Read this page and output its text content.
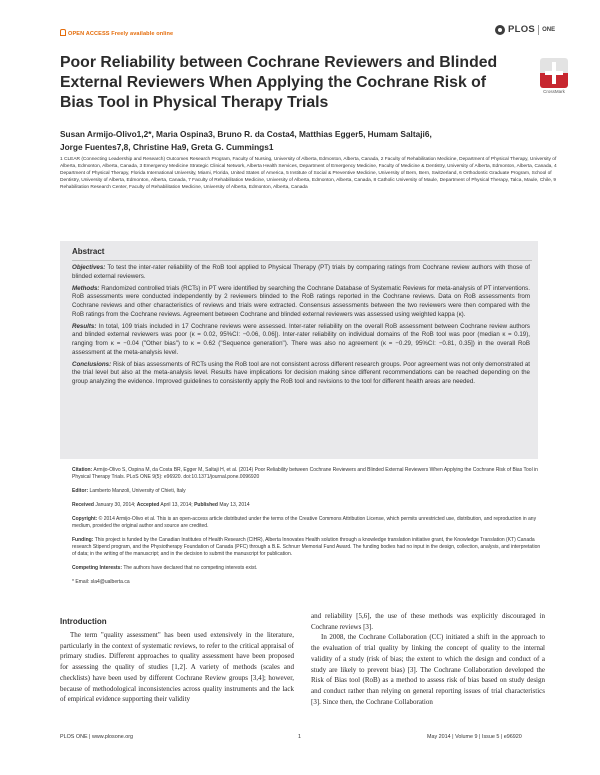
OPEN ACCESS Freely available online	PLOS ONE
Poor Reliability between Cochrane Reviewers and Blinded External Reviewers When Applying the Cochrane Risk of Bias Tool in Physical Therapy Trials
CrossMark
Susan Armijo-Olivo1,2*, Maria Ospina3, Bruno R. da Costa4, Matthias Egger5, Humam Saltaji6,
Jorge Fuentes7,8, Christine Ha9, Greta G. Cummings1
1 CLEAR (Connecting Leadership and Research) Outcomes Research Program, Faculty of Nursing, University of Alberta, Edmonton, Alberta, Canada, 2 Faculty of Rehabilitation Medicine, Department of Physical Therapy, University of Alberta, Edmonton, Alberta, Canada, 3 Emergency Medicine Strategic Clinical Network, Alberta Health Services, Department of Emergency Medicine, Faculty of Medicine & Dentistry, University of Alberta, Edmonton, Alberta, Canada, 4 Department of Physical Therapy, Florida International University, Miami, Florida, United States of America, 5 Institute of Social & Preventive Medicine, University of Bern, Bern, Switzerland, 6 Orthodontic Graduate Program, School of Dentistry, University of Alberta, Edmonton, Alberta, Canada, 7 Faculty of Rehabilitation Medicine, University of Alberta, Edmonton, Alberta, Canada, 8 Catholic University of Maule, Department of Physical Therapy, Talca, Maule, Chile, 9 Rehabilitation Research Center, Faculty of Rehabilitation Medicine, University of Alberta, Edmonton, Alberta, Canada
Abstract

Objectives: To test the inter-rater reliability of the RoB tool applied to Physical Therapy (PT) trials by comparing ratings from Cochrane review authors with those of blinded external reviewers.

Methods: Randomized controlled trials (RCTs) in PT were identified by searching the Cochrane Database of Systematic Reviews for meta-analysis of PT interventions. RoB assessments were conducted independently by 2 reviewers blinded to the RoB ratings reported in the Cochrane reviews. Data on RoB assessments from Cochrane reviews and other characteristics of reviews and trials were extracted. Consensus assessments between the two reviewers were then compared with the RoB ratings from the Cochrane reviews. Agreement between Cochrane and blinded external reviewers was assessed using weighted kappa (κ).

Results: In total, 109 trials included in 17 Cochrane reviews were assessed. Inter-rater reliability on the overall RoB assessment between Cochrane review authors and blinded external reviewers was poor (κ = 0.02, 95%CI: −0.06, 0.06]). Inter-rater reliability on individual domains of the RoB tool was poor (median κ = 0.19), ranging from κ = −0.04 ("Other bias") to κ = 0.62 ("Sequence generation"). There was also no agreement (κ = −0.29, 95%CI: −0.81, 0.35]) in the overall RoB assessment at the meta-analysis level.

Conclusions: Risk of bias assessments of RCTs using the RoB tool are not consistent across different research groups. Poor agreement was not only demonstrated at the trial level but also at the meta-analysis level. Results have implications for decision making since different recommendations can be reached depending on the group analyzing the evidence. Improved guidelines to consistently apply the RoB tool and revisions to the tool for different health areas are needed.

Citation: Armijo-Olivo S, Ospina M, da Costa BR, Egger M, Saltaji H, et al. (2014) Poor Reliability between Cochrane Reviewers and Blinded External Reviewers When Applying the Cochrane Risk of Bias Tool in Physical Therapy Trials. PLoS ONE 9(5): e96920. doi:10.1371/journal.pone.0096920

Editor: Lamberto Manzoli, University of Chieti, Italy

Received January 30, 2014; Accepted April 13, 2014; Published May 13, 2014

Copyright: © 2014 Armijo-Olivo et al. This is an open-access article distributed under the terms of the Creative Commons Attribution License, which permits unrestricted use, distribution, and reproduction in any medium, provided the original author and source are credited.

Funding: This project is funded by the Canadian Institutes of Health Research (CIHR), Alberta Innovates Health solution through a knowledge translation initiative grant, the Knowledge Translation (KT) Canada research Stipend program, and the Physiotherapy Foundation of Canada (PFC) through a B.E. Schnurr Memorial Fund Award. The funding bodies had no input in the design, collection, analysis, and interpretation of data; in the writing of the manuscript; and in the decision to submit the manuscript for publication.

Competing Interests: The authors have declared that no competing interests exist.

* Email: sla4@ualberta.ca

Introduction

The term "quality assessment" has been used extensively in the literature, particularly in the context of systematic reviews, to refer to the critical appraisal of primary studies. Different approaches to quality assessment have been proposed for assessing the quality of studies [1,2]. A variety of methods (scales and checklists) have been used by different Cochrane Review groups [3,4]; however, because of methodological inconsistencies across quality instruments and the lack of empirical evidence supporting their validity

and reliability [5,6], the use of these methods was explicitly discouraged in Cochrane reviews [3].

In 2008, the Cochrane Collaboration (CC) initiated a shift in the approach to the evaluation of trial quality by linking the concept of quality to the internal validity of a study (risk of bias; the extent to which the design and conduct of a study are likely to prevent bias) [3]. The Cochrane Collaboration developed the Risk of Bias tool (RoB) as a method to assess risk of bias based on study design and conduct rather than relying on general reporting issues of trial characteristics [3]. Since then, the Cochrane Collaboration

PLOS ONE | www.plosone.org	1	May 2014 | Volume 9 | Issue 5 | e96920
